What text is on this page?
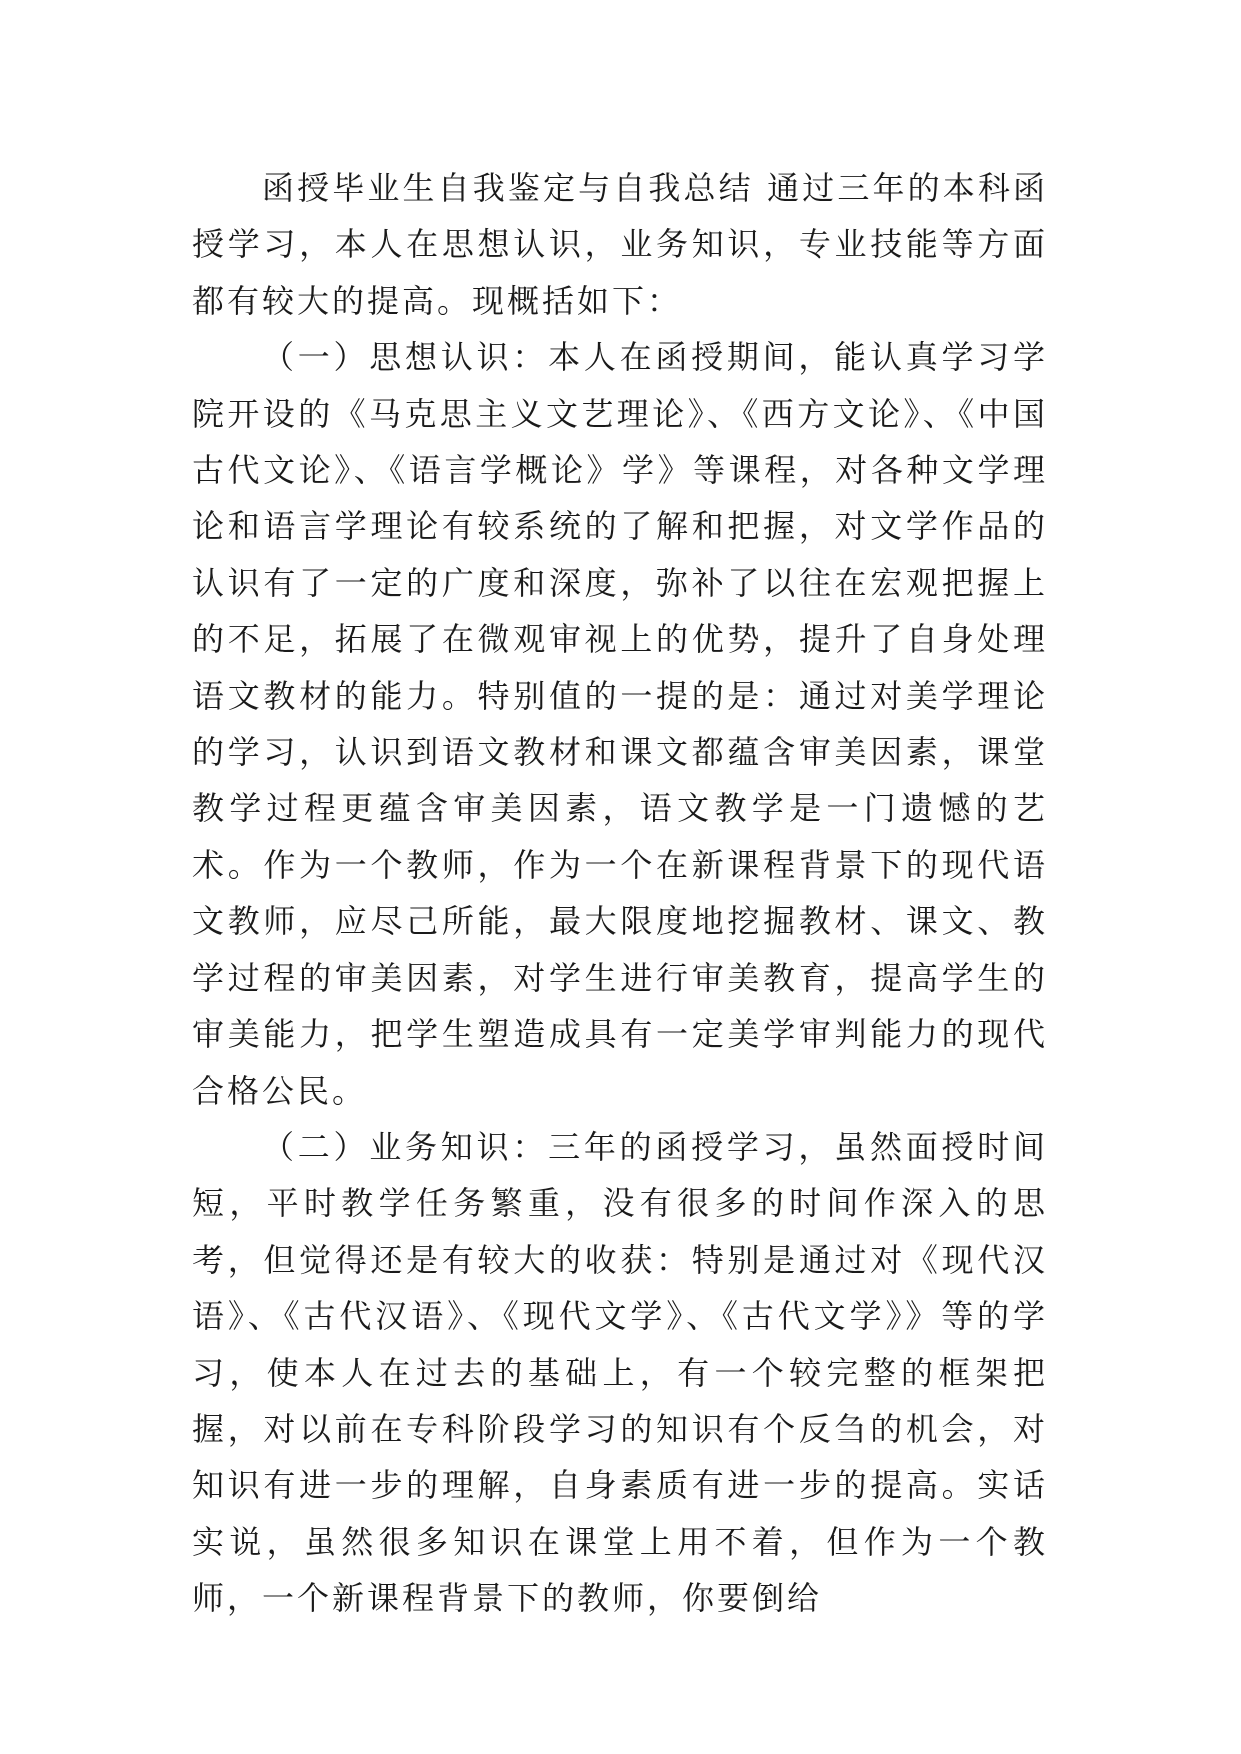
函授毕业生自我鉴定与自我总结 通过三年的本科函授学习，本人在思想认识，业务知识，专业技能等方面都有较大的提高。现概括如下：

（一）思想认识：本人在函授期间，能认真学习学院开设的《马克思主义文艺理论》、《西方文论》、《中国古代文论》、《语言学概论》学》等课程，对各种文学理论和语言学理论有较系统的了解和把握，对文学作品的认识有了一定的广度和深度，弥补了以往在宏观把握上的不足，拓展了在微观审视上的优势，提升了自身处理语文教材的能力。特别值的一提的是：通过对美学理论的学习，认识到语文教材和课文都蕴含审美因素，课堂教学过程更蕴含审美因素，语文教学是一门遗憾的艺术。作为一个教师，作为一个在新课程背景下的现代语文教师，应尽己所能，最大限度地挖掘教材、课文、教学过程的审美因素，对学生进行审美教育，提高学生的审美能力，把学生塑造成具有一定美学审判能力的现代合格公民。

（二）业务知识：三年的函授学习，虽然面授时间短，平时教学任务繁重，没有很多的时间作深入的思考，但觉得还是有较大的收获：特别是通过对《现代汉语》、《古代汉语》、《现代文学》、《古代文学》》等的学习，使本人在过去的基础上，有一个较完整的框架把握，对以前在专科阶段学习的知识有个反刍的机会，对知识有进一步的理解，自身素质有进一步的提高。实话实说，虽然很多知识在课堂上用不着，但作为一个教师，一个新课程背景下的教师，你要倒给
